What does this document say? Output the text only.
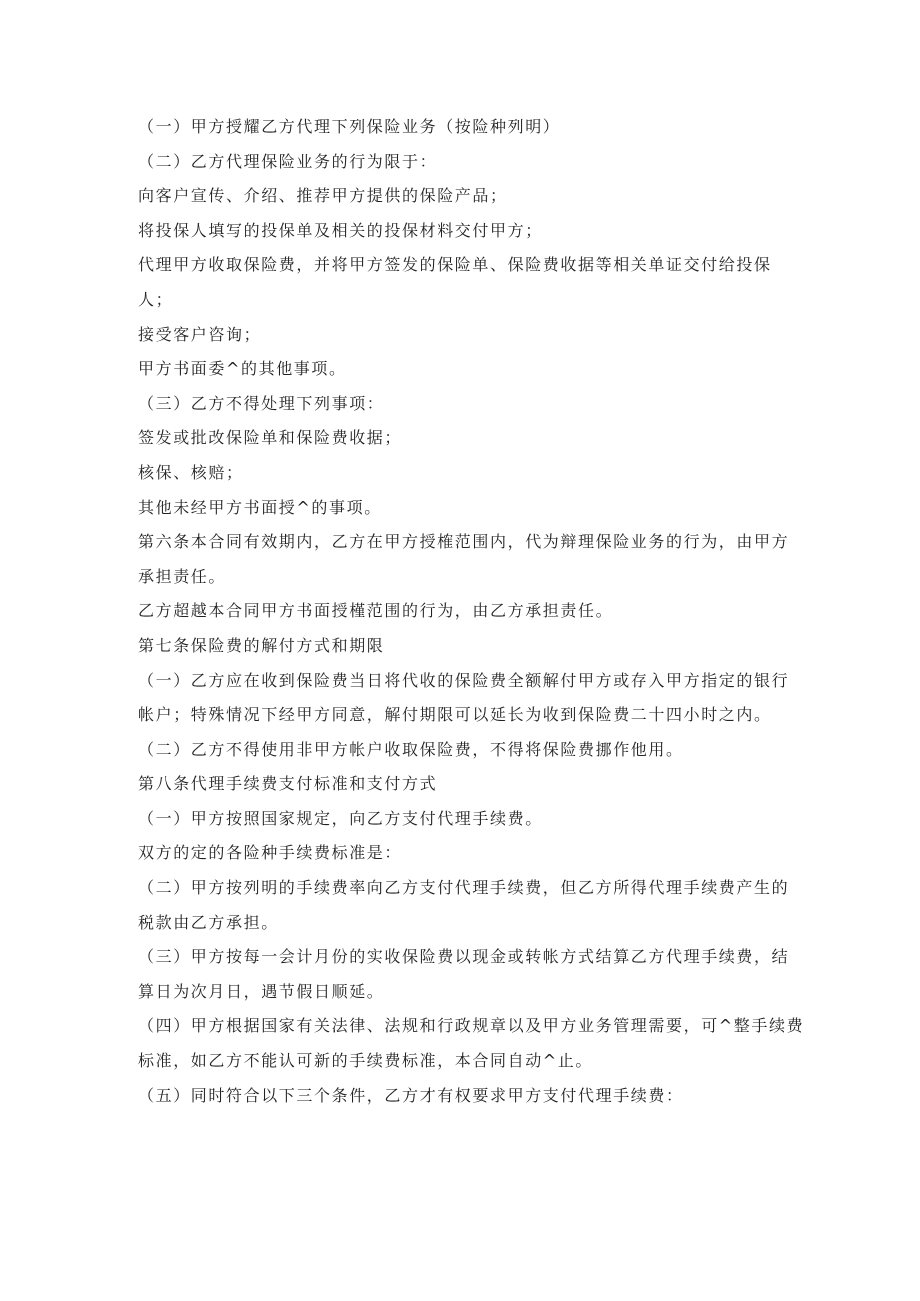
（一）甲方授耀乙方代理下列保险业务（按险种列明）

（二）乙方代理保险业务的行为限于：

向客户宣传、介绍、推荐甲方提供的保险产品；

将投保人填写的投保单及相关的投保材料交付甲方；

代理甲方收取保险费，并将甲方签发的保险单、保险费收据等相关单证交付给投保

人；

接受客户咨询；

甲方书面委^的其他事项。

（三）乙方不得处理下列事项：

签发或批改保险单和保险费收据；

核保、核赔；

其他未经甲方书面授^的事项。

第六条本合同有效期内，乙方在甲方授榷范围内，代为辩理保险业务的行为，由甲方

承担责任。

乙方超越本合同甲方书面授槿范围的行为，由乙方承担责任。

第七条保险费的解付方式和期限

（一）乙方应在收到保险费当日将代收的保险费全额解付甲方或存入甲方指定的银行

帐户；特殊情况下经甲方同意，解付期限可以延长为收到保险费二十四小时之内。

（二）乙方不得使用非甲方帐户收取保险费，不得将保险费挪作他用。

第八条代理手续费支付标准和支付方式

（一）甲方按照国家规定，向乙方支付代理手续费。

双方的定的各险种手续费标准是：

（二）甲方按列明的手续费率向乙方支付代理手续费，但乙方所得代理手续费产生的

税款由乙方承担。

（三）甲方按每一会计月份的实收保险费以现金或转帐方式结算乙方代理手续费，结

算日为次月日，遇节假日顺延。

（四）甲方根据国家有关法律、法规和行政规章以及甲方业务管理需要，可^整手续费

标准，如乙方不能认可新的手续费标准，本合同自动^止。

（五）同时符合以下三个条件，乙方才有权要求甲方支付代理手续费：
